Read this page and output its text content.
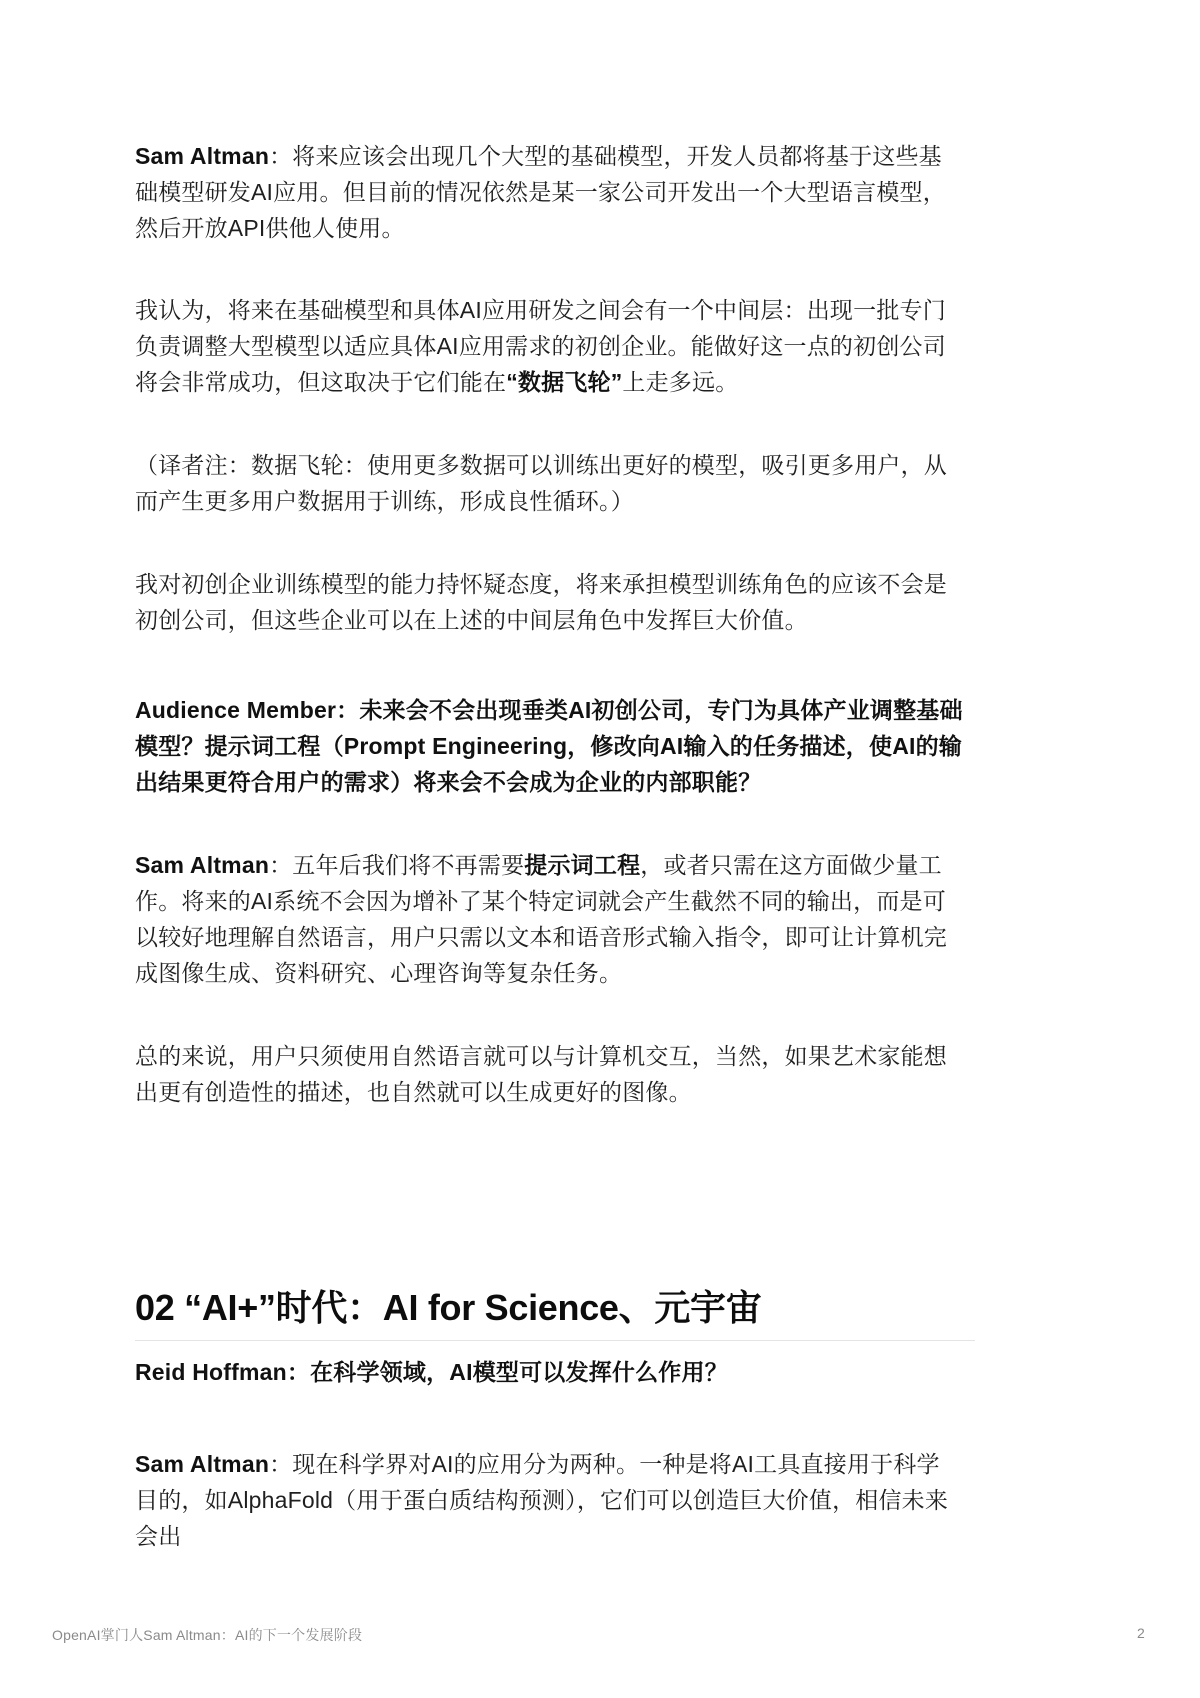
Sam Altman：将来应该会出现几个大型的基础模型，开发人员都将基于这些基础模型研发AI应用。但目前的情况依然是某一家公司开发出一个大型语言模型，然后开放API供他人使用。

我认为，将来在基础模型和具体AI应用研发之间会有一个中间层：出现一批专门负责调整大型模型以适应具体AI应用需求的初创企业。能做好这一点的初创公司将会非常成功，但这取决于它们能在“数据飞轮”上走多远。

（译者注：数据飞轮：使用更多数据可以训练出更好的模型，吸引更多用户，从而产生更多用户数据用于训练，形成良性循环。）

我对初创企业训练模型的能力持怀疑态度，将来承担模型训练角色的应该不会是初创公司，但这些企业可以在上述的中间层角色中发挥巨大价值。

Audience Member：未来会不会出现垂类AI初创公司，专门为具体产业调整基础模型？提示词工程（Prompt Engineering，修改向AI输入的任务描述，使AI的输出结果更符合用户的需求）将来会不会成为企业的内部职能？

Sam Altman：五年后我们将不再需要提示词工程，或者只需在这方面做少量工作。将来的AI系统不会因为增补了某个特定词就会产生截然不同的输出，而是可以较好地理解自然语言，用户只需以文本和语音形式输入指令，即可让计算机完成图像生成、资料研究、心理咨询等复杂任务。

总的来说，用户只须使用自然语言就可以与计算机交互，当然，如果艺术家能想出更有创造性的描述，也自然就可以生成更好的图像。

02 “AI+”时代：AI for Science、元宇宙

Reid Hoffman：在科学领域，AI模型可以发挥什么作用？

Sam Altman：现在科学界对AI的应用分为两种。一种是将AI工具直接用于科学目的，如AlphaFold（用于蛋白质结构预测），它们可以创造巨大价值，相信未来会出

OpenAI掌门人Sam Altman：AI的下一个发展阶段	2
